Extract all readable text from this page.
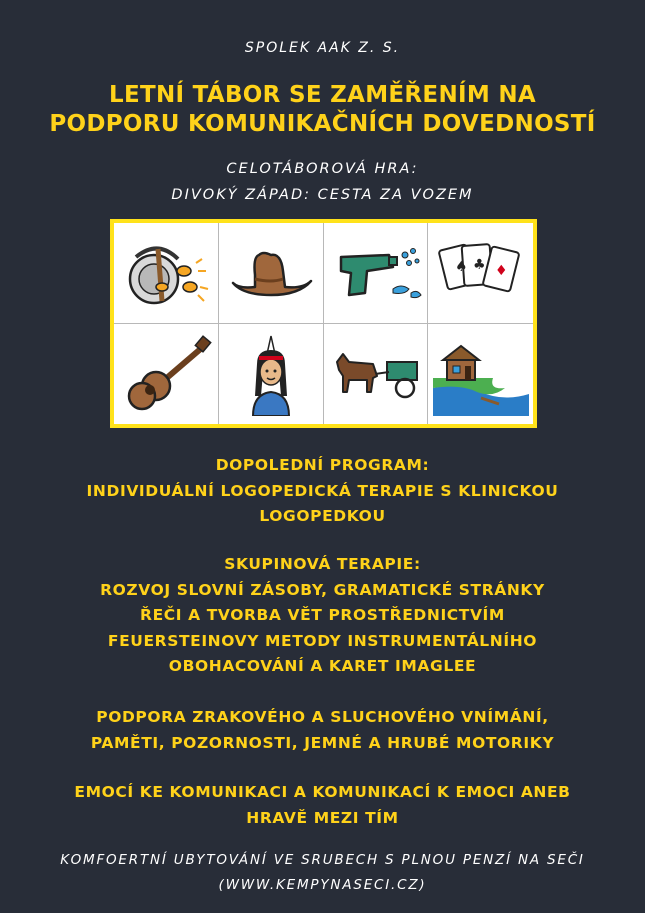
SPOLEK AAK Z. S.
LETNÍ TÁBOR SE ZAMĚŘENÍM NA
PODPORU KOMUNIKAČNÍCH DOVEDNOSTÍ
CELOTÁBOROVÁ HRA:
DIVOKÝ ZÁPAD: CESTA ZA VOZEM
♠ ♣ ♦
DOPOLEDNÍ PROGRAM:
INDIVIDUÁLNÍ LOGOPEDICKÁ TERAPIE S KLINICKOU
LOGOPEDKOU
SKUPINOVÁ TERAPIE:
ROZVOJ SLOVNÍ ZÁSOBY, GRAMATICKÉ STRÁNKY
ŘEČI A TVORBA VĚT PROSTŘEDNICTVÍM
FEUERSTEINOVY METODY INSTRUMENTÁLNÍHO
OBOHACOVÁNÍ A KARET IMAGLEE
PODPORA ZRAKOVÉHO A SLUCHOVÉHO VNÍMÁNÍ,
PAMĚTI, POZORNOSTI, JEMNÉ A HRUBÉ MOTORIKY
EMOCÍ KE KOMUNIKACI A KOMUNIKACÍ K EMOCI ANEB
HRAVĚ MEZI TÍM
KOMFOERTNÍ UBYTOVÁNÍ VE SRUBECH S PLNOU PENZÍ NA SEČI
(WWW.KEMPYNASECI.CZ)
